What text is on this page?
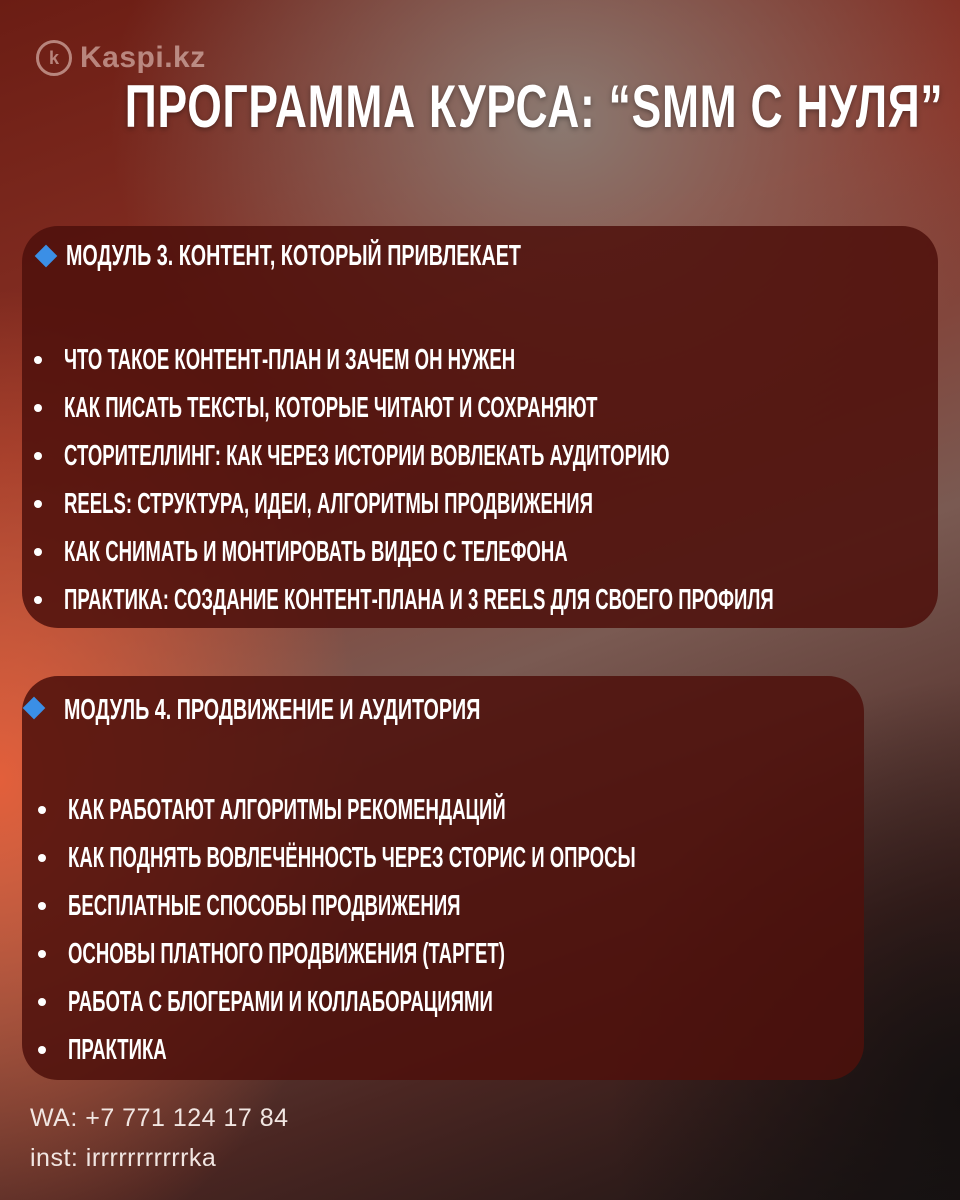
k Kaspi.kz
ПРОГРАММА КУРСА: “SMM С НУЛЯ”
МОДУЛЬ 3. КОНТЕНТ, КОТОРЫЙ ПРИВЛЕКАЕТ
ЧТО ТАКОЕ КОНТЕНТ-ПЛАН И ЗАЧЕМ ОН НУЖЕН
КАК ПИСАТЬ ТЕКСТЫ, КОТОРЫЕ ЧИТАЮТ И СОХРАНЯЮТ
СТОРИТЕЛЛИНГ: КАК ЧЕРЕЗ ИСТОРИИ ВОВЛЕКАТЬ АУДИТОРИЮ
REELS: СТРУКТУРА, ИДЕИ, АЛГОРИТМЫ ПРОДВИЖЕНИЯ
КАК СНИМАТЬ И МОНТИРОВАТЬ ВИДЕО С ТЕЛЕФОНА
ПРАКТИКА: СОЗДАНИЕ КОНТЕНТ-ПЛАНА И 3 REELS ДЛЯ СВОЕГО ПРОФИЛЯ
МОДУЛЬ 4. ПРОДВИЖЕНИЕ И АУДИТОРИЯ
КАК РАБОТАЮТ АЛГОРИТМЫ РЕКОМЕНДАЦИЙ
КАК ПОДНЯТЬ ВОВЛЕЧЁННОСТЬ ЧЕРЕЗ СТОРИС И ОПРОСЫ
БЕСПЛАТНЫЕ СПОСОБЫ ПРОДВИЖЕНИЯ
ОСНОВЫ ПЛАТНОГО ПРОДВИЖЕНИЯ (ТАРГЕТ)
РАБОТА С БЛОГЕРАМИ И КОЛЛАБОРАЦИЯМИ
ПРАКТИКА
WA: +7 771 124 17 84
inst: irrrrrrrrrrrka
